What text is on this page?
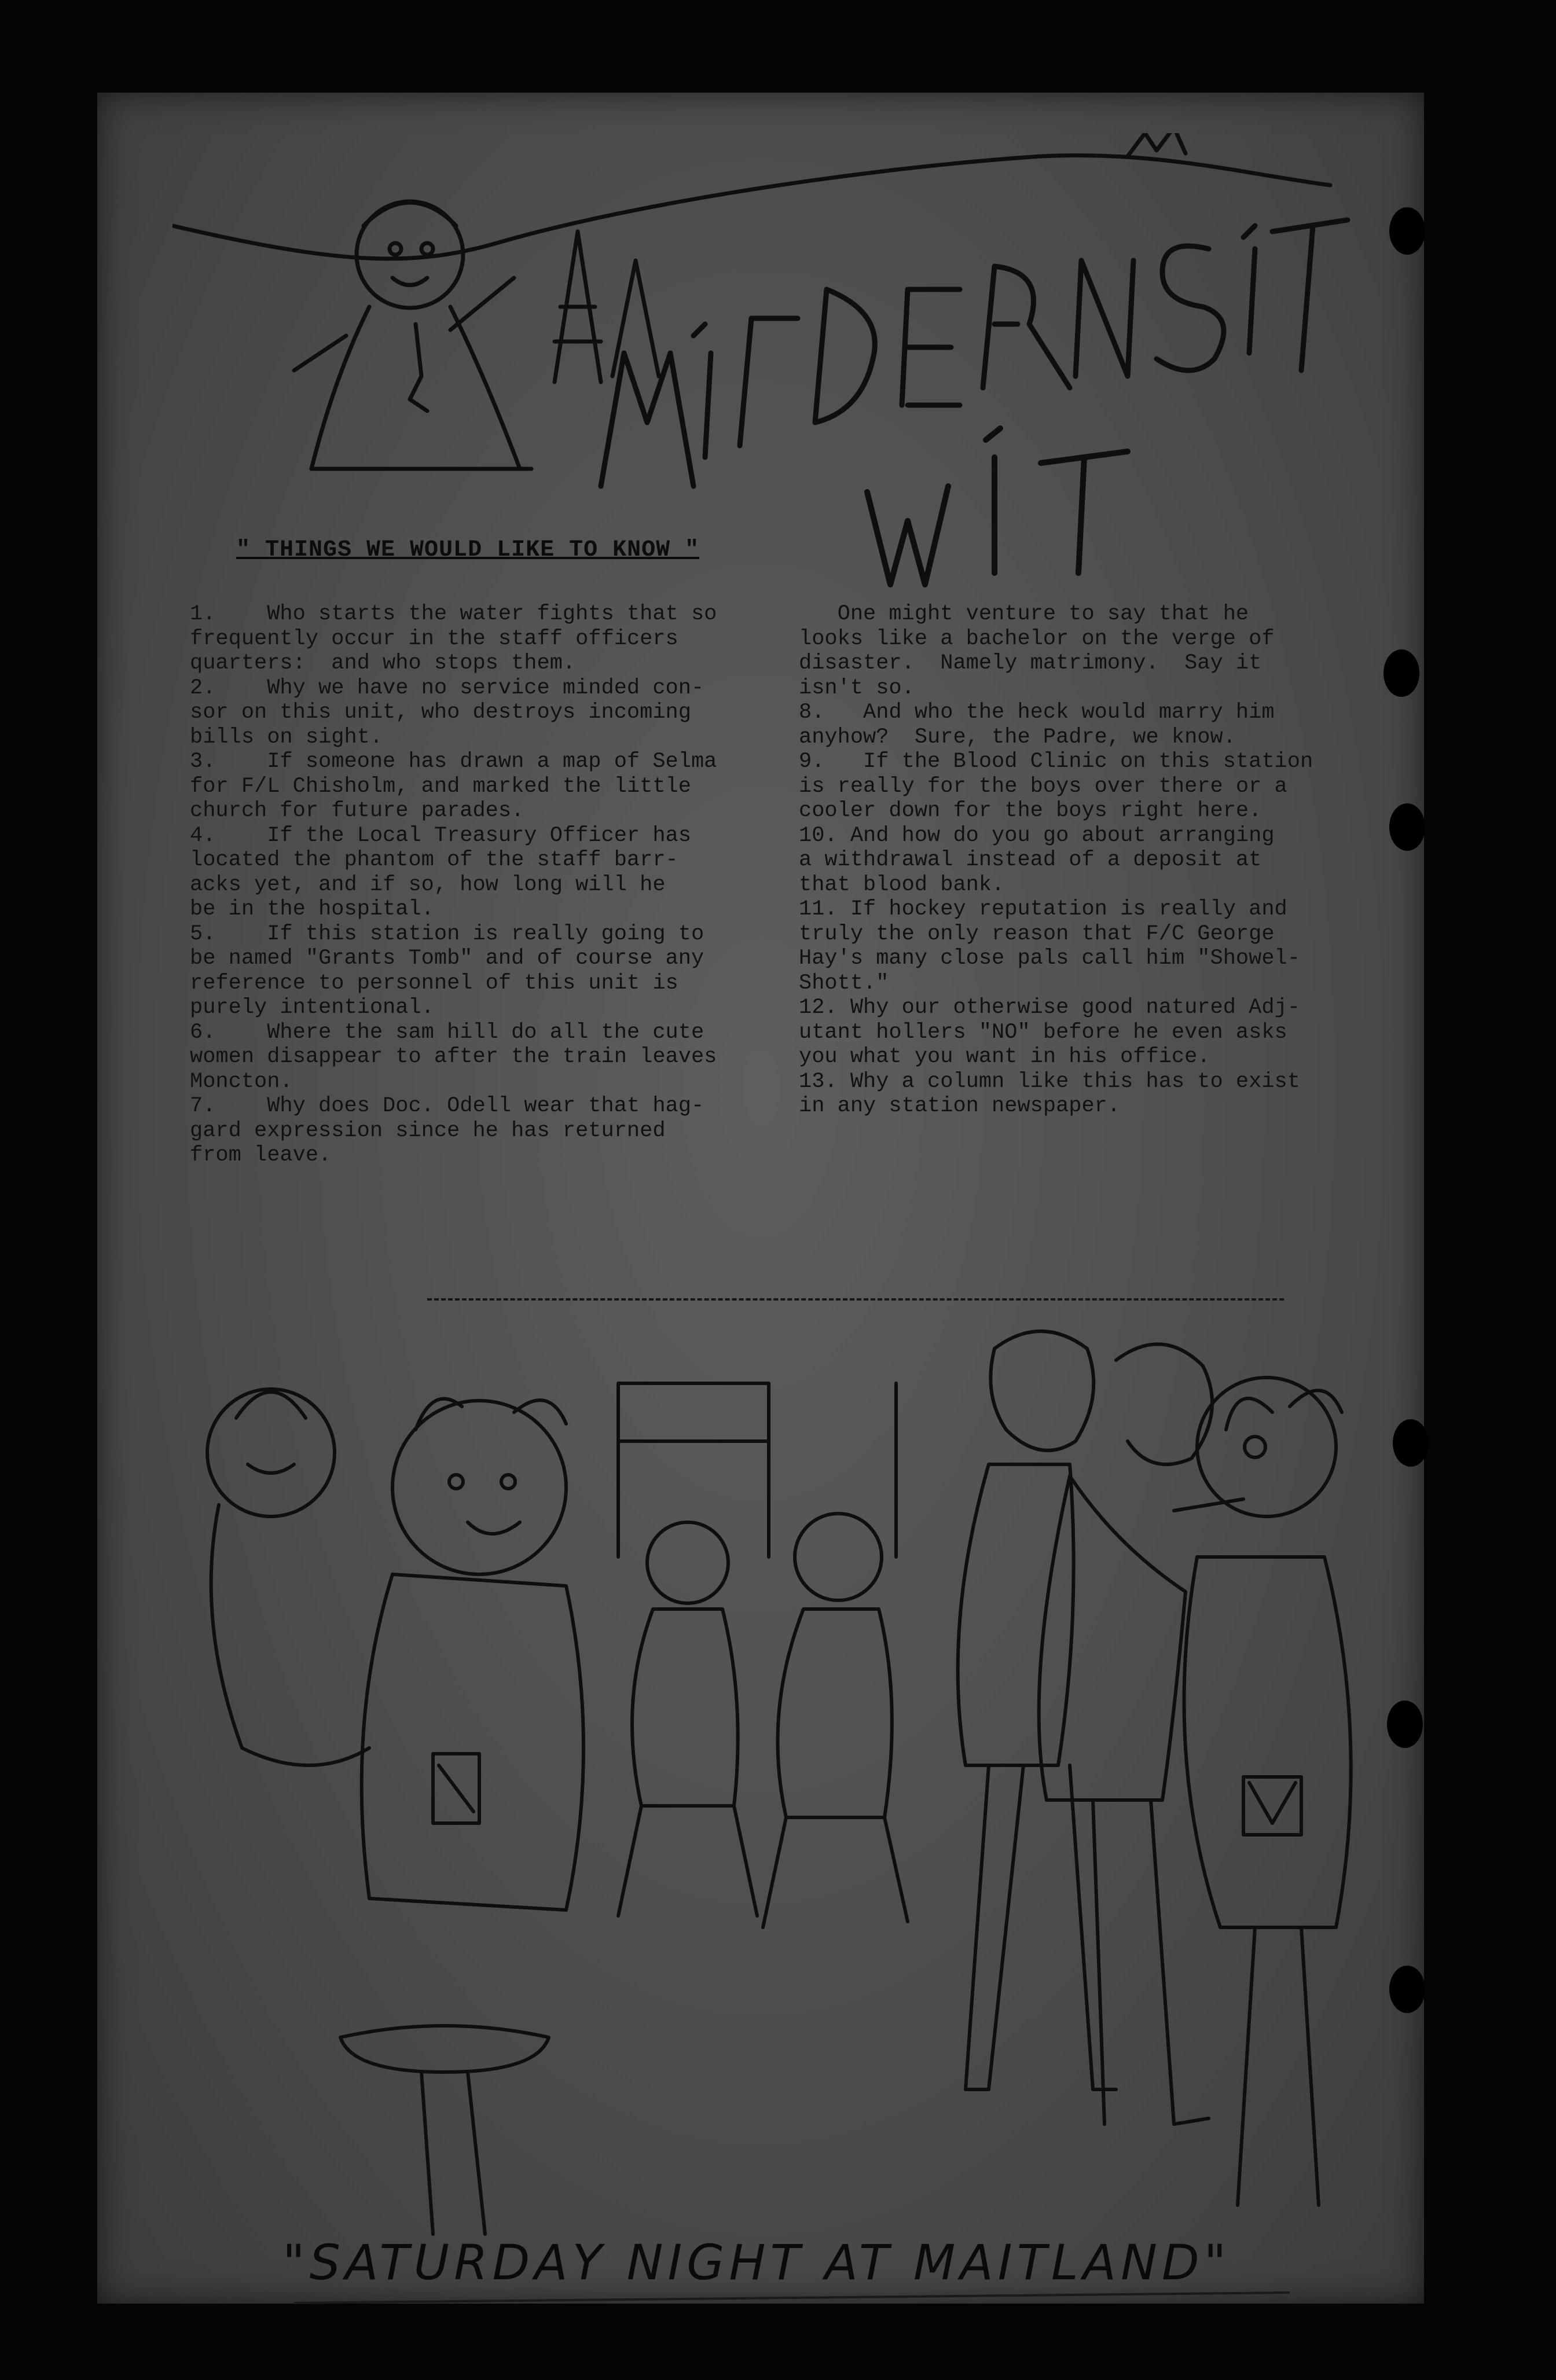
" THINGS WE WOULD LIKE TO KNOW "

1.    Who starts the water fights that so

frequently occur in the staff officers

quarters:  and who stops them.

2.    Why we have no service minded con-

sor on this unit, who destroys incoming

bills on sight.

3.    If someone has drawn a map of Selma

for F/L Chisholm, and marked the little

church for future parades.

4.    If the Local Treasury Officer has

located the phantom of the staff barr-

acks yet, and if so, how long will he

be in the hospital.

5.    If this station is really going to

be named "Grants Tomb" and of course any

reference to personnel of this unit is

purely intentional.

6.    Where the sam hill do all the cute

women disappear to after the train leaves

Moncton.

7.    Why does Doc. Odell wear that hag-

gard expression since he has returned

from leave.

One might venture to say that he

looks like a bachelor on the verge of

disaster.  Namely matrimony.  Say it

isn't so.

8.   And who the heck would marry him

anyhow?  Sure, the Padre, we know.

9.   If the Blood Clinic on this station

is really for the boys over there or a

cooler down for the boys right here.

10. And how do you go about arranging

a withdrawal instead of a deposit at

that blood bank.

11. If hockey reputation is really and

truly the only reason that F/C George

Hay's many close pals call him "Showel-

Shott."

12. Why our otherwise good natured Adj-

utant hollers "NO" before he even asks

you what you want in his office.

13. Why a column like this has to exist

in any station newspaper.

"SATURDAY NIGHT AT MAITLAND"
